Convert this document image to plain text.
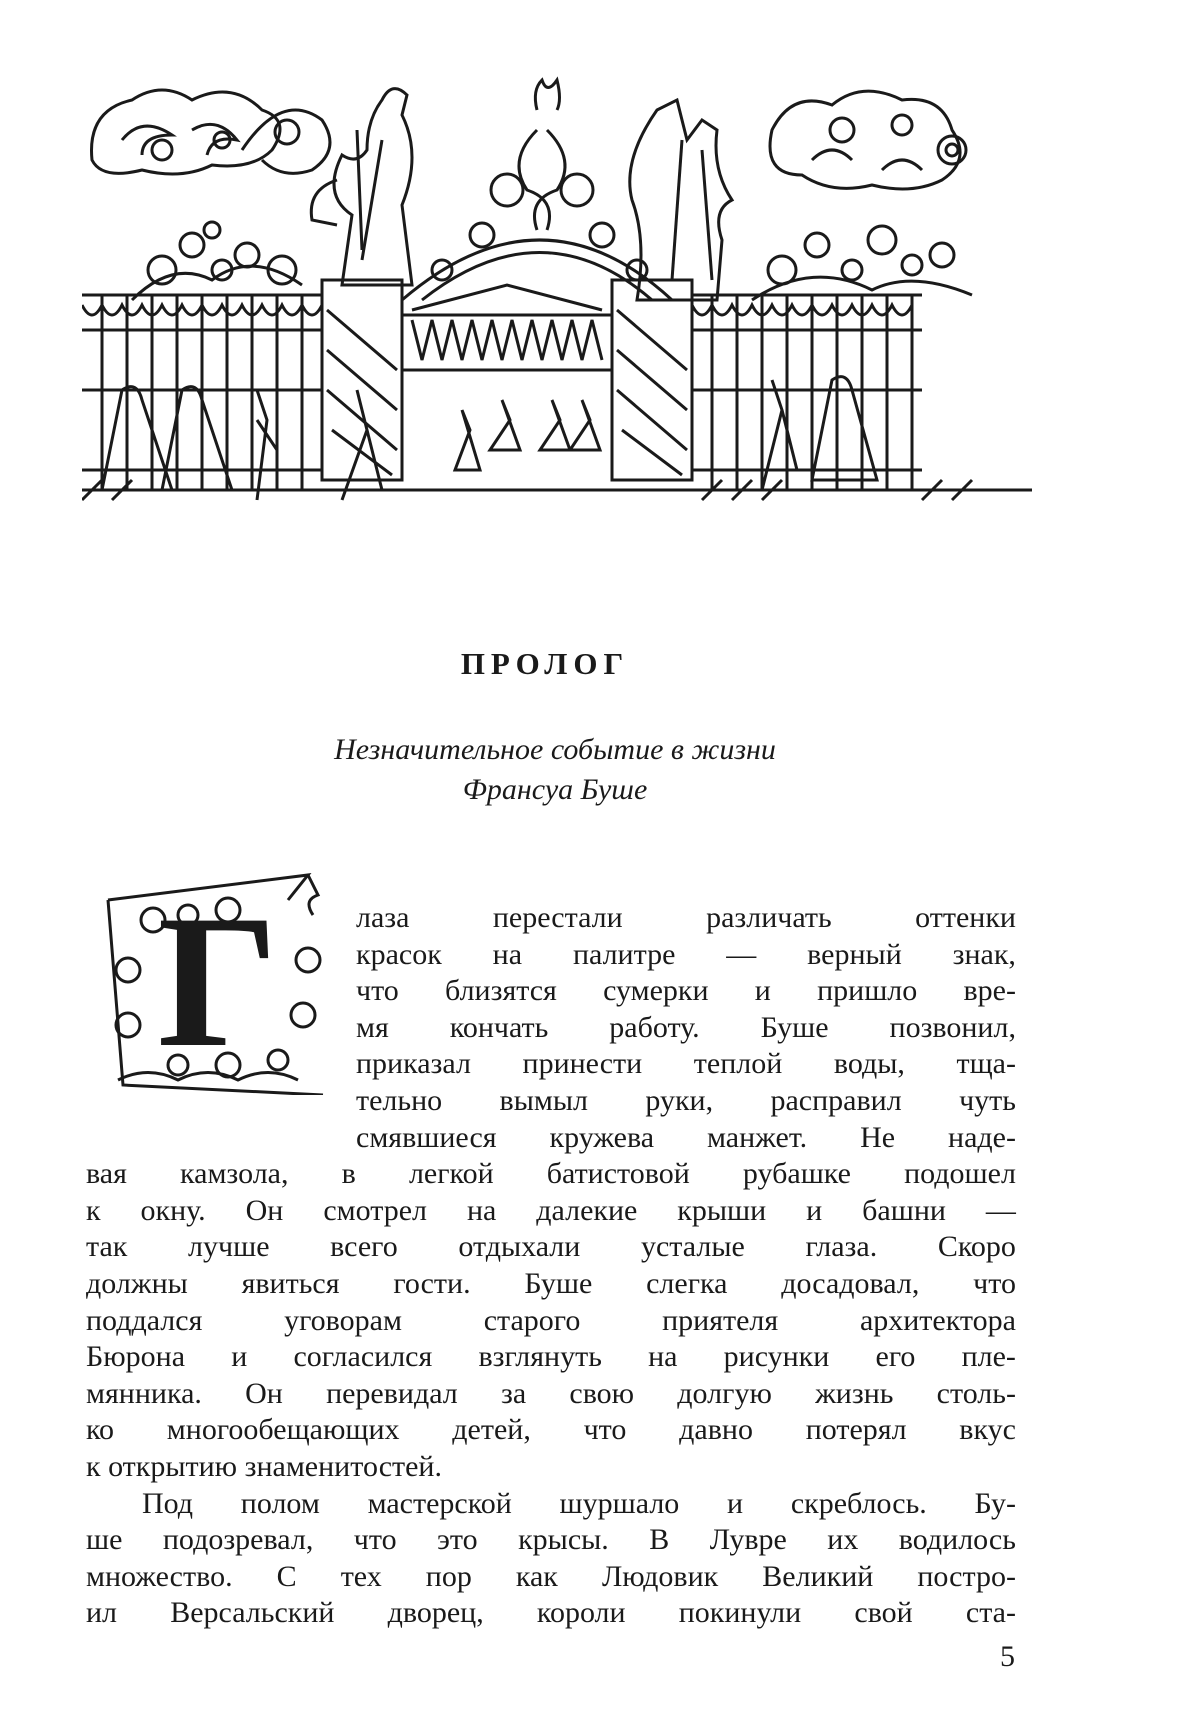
ПРОЛОГ
Незначительное событие в жизни
Франсуа Буше
Г	лаза	перестали	различать	оттенки
красок на палитре — верный знак,
что близятся сумерки и пришло вре-
мя кончать работу. Буше позвонил,
приказал принести теплой воды, тща-
тельно вымыл руки, расправил чуть
смявшиеся кружева манжет. Не наде-
вая камзола, в легкой батистовой рубашке подошел
к окну. Он смотрел на далекие крыши и башни —
так лучше всего отдыхали усталые глаза. Скоро
должны явиться гости. Буше слегка досадовал, что
поддался	уговорам	старого	приятеля	архитектора
Бюрона и согласился взглянуть на рисунки его пле-
мянника. Он перевидал за свою долгую жизнь столь-
ко многообещающих детей, что давно потерял вкус
к открытию знаменитостей.
Под полом мастерской шуршало и скреблось. Бу-
ше подозревал, что это крысы. В Лувре их водилось
множество. С тех пор как Людовик Великий постро-
ил Версальский дворец, короли покинули свой ста-
5
